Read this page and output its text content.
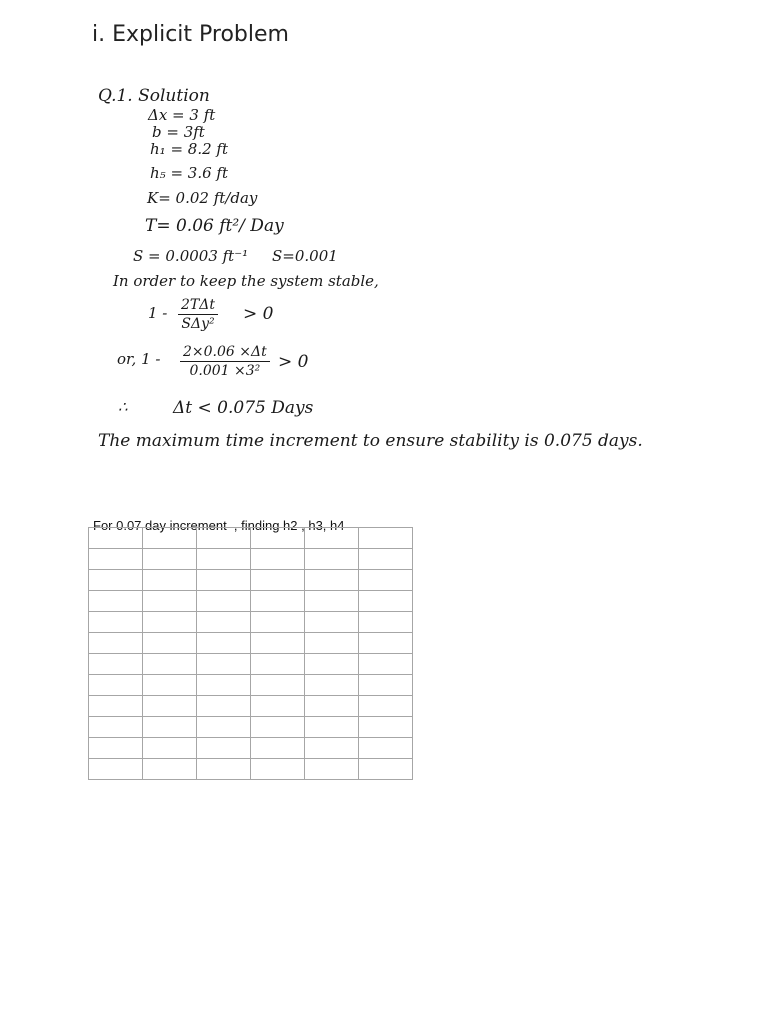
i. Explicit Problem

Q.1. Solution

Δx = 3 ft

b = 3ft

h₁ = 8.2 ft

h₅ = 3.6 ft

K= 0.02 ft/day

T= 0.06 ft²/ Day

S = 0.0003 ft⁻¹ S=0.001

In order to keep the system stable,

1 - 2TΔt
SΔy² > 0

or, $1 - \frac{2\times 0.06 \times\Delta t}{\text{0.001 ×3²}} > 0$

∴	Δt < 0.075 Days

The maximum time increment to ensure stability is 0.075 days.

For 0.07 day increment  , finding h2 , h3, h4
